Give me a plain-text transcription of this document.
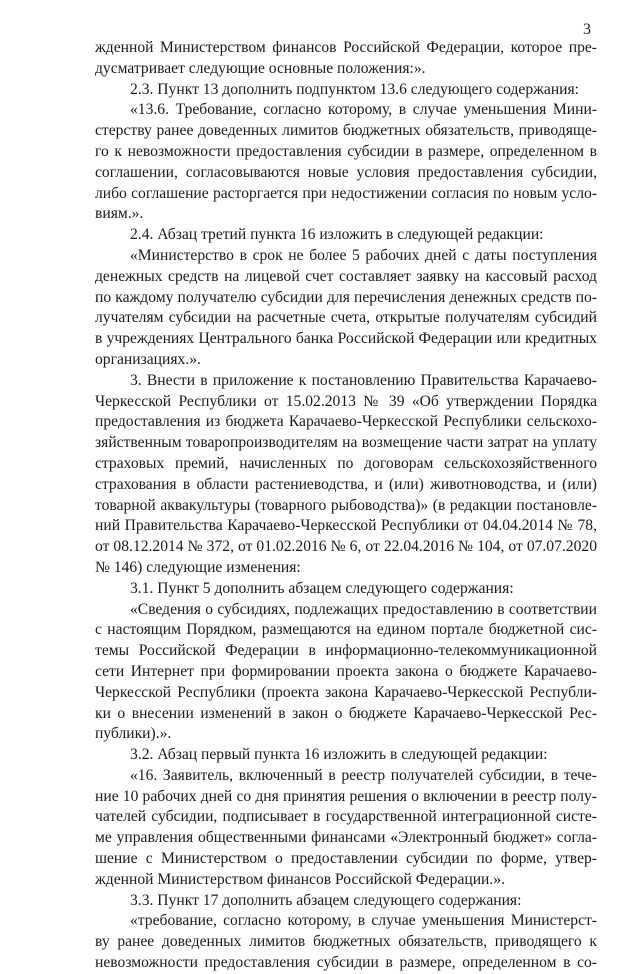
3
жденной Министерством финансов Российской Федерации, которое пре-
дусматривает следующие основные положения:».
2.3. Пункт 13 дополнить подпунктом 13.6 следующего содержания:
«13.6. Требование, согласно которому, в случае уменьшения Мини-
стерству ранее доведенных лимитов бюджетных обязательств, приводяще-
го к невозможности предоставления субсидии в размере, определенном в
соглашении, согласовываются новые условия предоставления субсидии,
либо соглашение расторгается при недостижении согласия по новым усло-
виям.».
2.4. Абзац третий пункта 16 изложить в следующей редакции:
«Министерство в срок не более 5 рабочих дней с даты поступления
денежных средств на лицевой счет составляет заявку на кассовый расход
по каждому получателю субсидии для перечисления денежных средств по-
лучателям субсидии на расчетные счета, открытые получателям субсидий
в учреждениях Центрального банка Российской Федерации или кредитных
организациях.».
3. Внести в приложение к постановлению Правительства Карачаево-
Черкесской Республики от 15.02.2013 № 39 «Об утверждении Порядка
предоставления из бюджета Карачаево-Черкесской Республики сельскохо-
зяйственным товаропроизводителям на возмещение части затрат на уплату
страховых премий, начисленных по договорам сельскохозяйственного
страхования в области растениеводства, и (или) животноводства, и (или)
товарной аквакультуры (товарного рыбоводства)» (в редакции постановле-
ний Правительства Карачаево-Черкесской Республики от 04.04.2014 № 78,
от 08.12.2014 № 372, от 01.02.2016 № 6, от 22.04.2016 № 104, от 07.07.2020
№ 146) следующие изменения:
3.1. Пункт 5 дополнить абзацем следующего содержания:
«Сведения о субсидиях, подлежащих предоставлению в соответствии
с настоящим Порядком, размещаются на едином портале бюджетной сис-
темы Российской Федерации в информационно-телекоммуникационной
сети Интернет при формировании проекта закона о бюджете Карачаево-
Черкесской Республики (проекта закона Карачаево-Черкесской Республи-
ки о внесении изменений в закон о бюджете Карачаево-Черкесской Рес-
публики).».
3.2. Абзац первый пункта 16 изложить в следующей редакции:
«16. Заявитель, включенный в реестр получателей субсидии, в тече-
ние 10 рабочих дней со дня принятия решения о включении в реестр полу-
чателей субсидии, подписывает в государственной интеграционной систе-
ме управления общественными финансами «Электронный бюджет» согла-
шение с Министерством о предоставлении субсидии по форме, утвер-
жденной Министерством финансов Российской Федерации.».
3.3. Пункт 17 дополнить абзацем следующего содержания:
«требование, согласно которому, в случае уменьшения Министерст-
ву ранее доведенных лимитов бюджетных обязательств, приводящего к
невозможности предоставления субсидии в размере, определенном в со-
